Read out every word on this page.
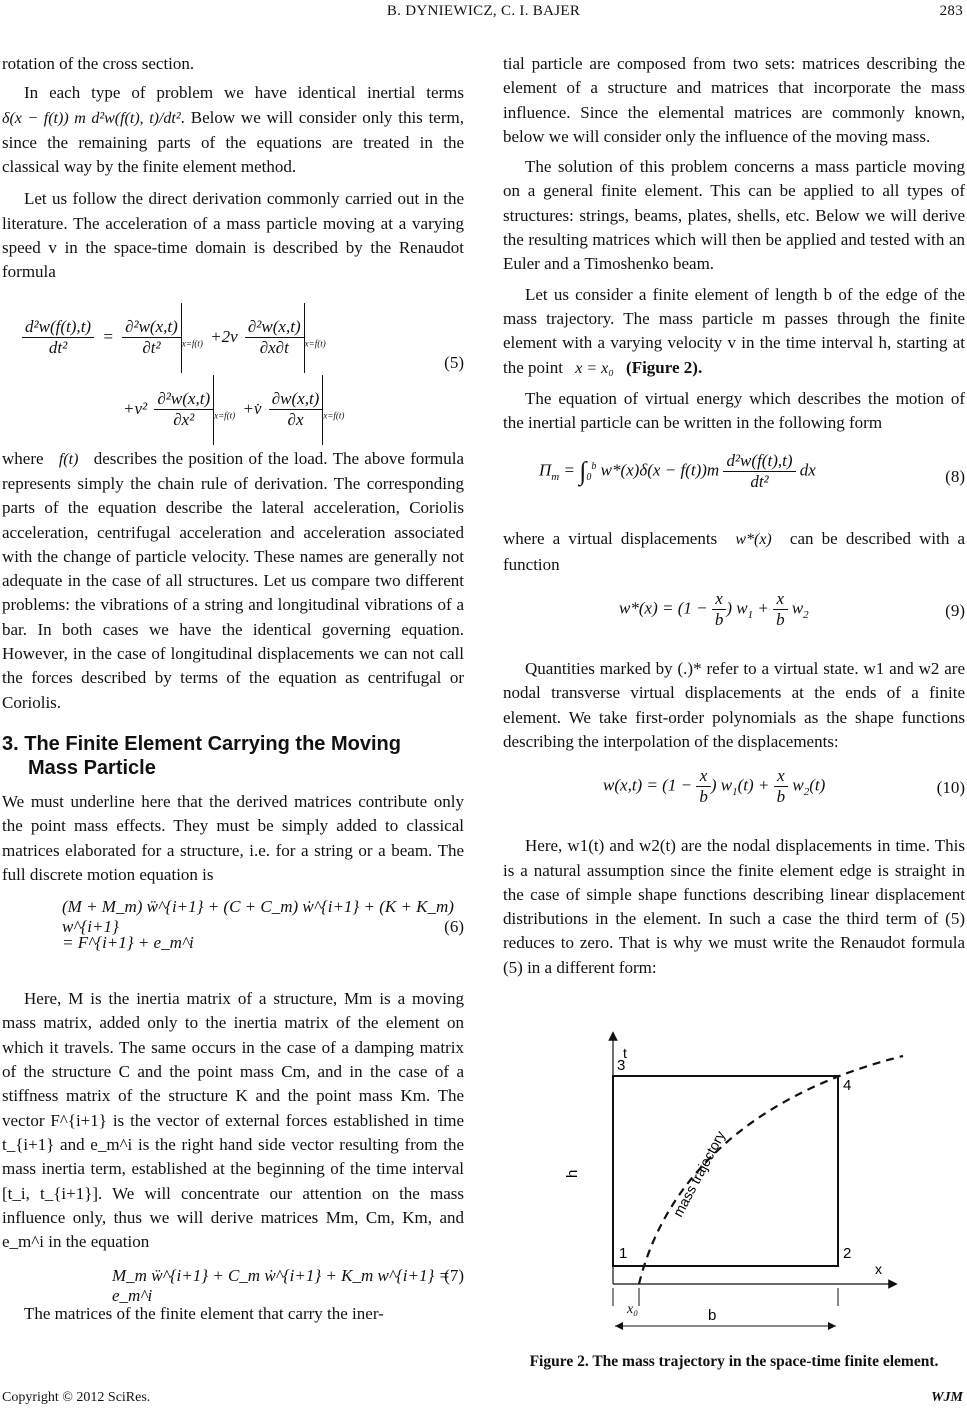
B. DYNIEWICZ, C. I. BAJER	283

rotation of the cross section.

In each type of problem we have identical inertial terms δ(x − f(t)) m d²w(f(t), t)/dt². Below we will consider only this term, since the remaining parts of the equations are treated in the classical way by the finite element method.

Let us follow the direct derivation commonly carried out in the literature. The acceleration of a mass particle moving at a varying speed v in the space-time domain is described by the Renaudot formula

$\frac{\text{d²w(f(t),t)}}{\text{dt²}} = \frac{\text{∂²w(x,t)}}{\text{∂t²}} _{x=f(t)} +2v \frac{\text{∂²w(x,t)}}{\partial x\partial t} _{x=f(t)}$
$+v^2 \frac{\text{∂²w(x,t)}}{\text{∂x²}} _{x=f(t)}$ +v̇ $\frac{\partial w(x,t)}{\partial x} _{x=f(t)}$
(5)

where f(t) describes the position of the load. The above formula represents simply the chain rule of derivation. The corresponding parts of the equation describe the lateral acceleration, Coriolis acceleration, centrifugal acceleration and acceleration associated with the change of particle velocity. These names are generally not adequate in the case of all structures. Let us compare two different problems: the vibrations of a string and longitudinal vibrations of a bar. In both cases we have the identical governing equation. However, in the case of longitudinal displacements we can not call the forces described by terms of the equation as centrifugal or Coriolis.

3. The Finite Element Carrying the Moving
Mass Particle

We must underline here that the derived matrices contribute only the point mass effects. They must be simply added to classical matrices elaborated for a structure, i.e. for a string or a beam. The full discrete motion equation is

(M + M_m) ẅ^{i+1} + (C + C_m) ẇ^{i+1} + (K + K_m) w^{i+1}
= F^{i+1} + e_m^i
(6)

Here, M is the inertia matrix of a structure, Mm is a moving mass matrix, added only to the inertia matrix of the element on which it travels. The same occurs in the case of a damping matrix of the structure C and the point mass Cm, and in the case of a stiffness matrix of the structure K and the point mass Km. The vector F^{i+1} is the vector of external forces established in time t_{i+1} and e_m^i is the right hand side vector resulting from the mass inertia term, established at the beginning of the time interval [t_i, t_{i+1}]. We will concentrate our attention on the mass influence only, thus we will derive matrices Mm, Cm, Km, and e_m^i in the equation

M_m ẅ^{i+1} + C_m ẇ^{i+1} + K_m w^{i+1} = e_m^i
(7)

The matrices of the finite element that carry the iner-

tial particle are composed from two sets: matrices describing the element of a structure and matrices that incorporate the mass influence. Since the elemental matrices are commonly known, below we will consider only the influence of the moving mass.

The solution of this problem concerns a mass particle moving on a general finite element. This can be applied to all types of structures: strings, beams, plates, shells, etc. Below we will derive the resulting matrices which will then be applied and tested with an Euler and a Timoshenko beam.

Let us consider a finite element of length b of the edge of the mass trajectory. The mass particle m passes through the finite element with a varying velocity v in the time interval h, starting at the point x = x₀ (Figure 2).

The equation of virtual energy which describes the motion of the inertial particle can be written in the following form

$\Pi_m = \int_0^b$ $w*(x)\delta(x - f(t))m \frac{\text{d²w(f(t),t)}}{\text{dt²}}$ dx	(8)

where a virtual displacements w*(x) can be described with a function

$w*(x) = (1 - \frac{x}{b}$ ) $w_1 + \frac{x}{b} w_2$	(9)

Quantities marked by (.)* refer to a virtual state. w1 and w2 are nodal transverse virtual displacements at the ends of a finite element. We take first-order polynomials as the shape functions describing the interpolation of the displacements:

$w(x,t) = (1 - \frac{x}{b}$ ) $w_1(t) + \frac{x}{b} w_2(t)$	(10)

Here, w1(t) and w2(t) are the nodal displacements in time. This is a natural assumption since the finite element edge is straight in the case of simple shape functions describing linear displacement distributions in the element. In such a case the third term of (5) reduces to zero. That is why we must write the Renaudot formula (5) in a different form:

t
x
1	2
3
4
h	mass trajectory
x₀	b
Figure 2. The mass trajectory in the space-time finite element.
Copyright © 2012 SciRes.	WJM
